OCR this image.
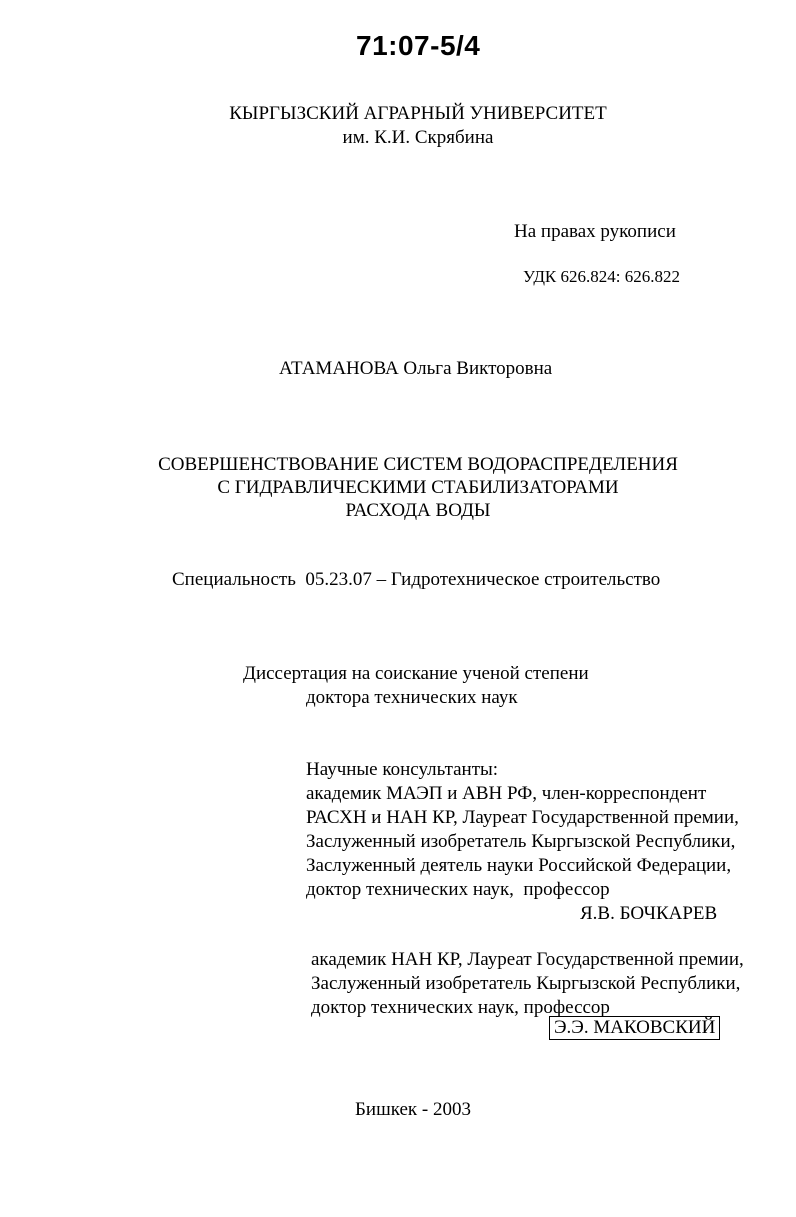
71:07-5/4
КЫРГЫЗСКИЙ АГРАРНЫЙ УНИВЕРСИТЕТ
им. К.И. Скрябина
На правах рукописи
УДК 626.824: 626.822
АТАМАНОВА Ольга Викторовна
СОВЕРШЕНСТВОВАНИЕ СИСТЕМ ВОДОРАСПРЕДЕЛЕНИЯ
С ГИДРАВЛИЧЕСКИМИ СТАБИЛИЗАТОРАМИ
РАСХОДА ВОДЫ
Специальность  05.23.07 – Гидротехническое строительство
Диссертация на соискание ученой степени
доктора технических наук
Научные консультанты:
академик МАЭП и АВН РФ, член-корреспондент
РАСХН и НАН КР, Лауреат Государственной премии,
Заслуженный изобретатель Кыргызской Республики,
Заслуженный деятель науки Российской Федерации,
доктор технических наук,  профессор
Я.В. БОЧКАРЕВ
академик НАН КР, Лауреат Государственной премии,
Заслуженный изобретатель Кыргызской Республики,
доктор технических наук, профессор
Э.Э. МАКОВСКИЙ
Бишкек - 2003
